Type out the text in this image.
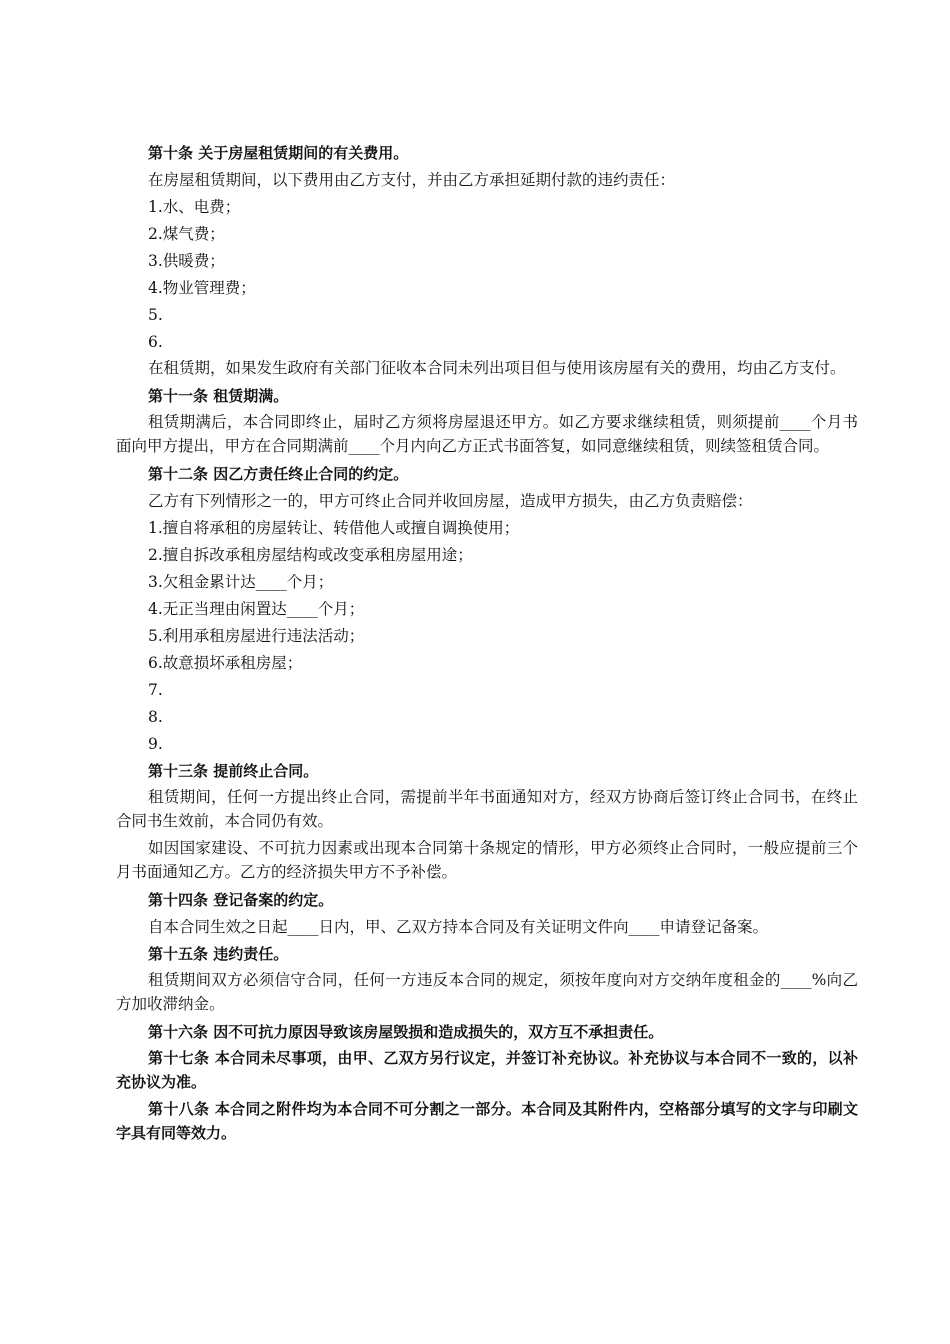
第十条 关于房屋租赁期间的有关费用。
在房屋租赁期间，以下费用由乙方支付，并由乙方承担延期付款的违约责任：
1.水、电费；
2.煤气费；
3.供暖费；
4.物业管理费；
5.
6.
在租赁期，如果发生政府有关部门征收本合同未列出项目但与使用该房屋有关的费用，均由乙方支付。
第十一条 租赁期满。
租赁期满后，本合同即终止，届时乙方须将房屋退还甲方。如乙方要求继续租赁，则须提前____个月书面向甲方提出，甲方在合同期满前____个月内向乙方正式书面答复，如同意继续租赁，则续签租赁合同。
第十二条 因乙方责任终止合同的约定。
乙方有下列情形之一的，甲方可终止合同并收回房屋，造成甲方损失，由乙方负责赔偿：
1.擅自将承租的房屋转让、转借他人或擅自调换使用；
2.擅自拆改承租房屋结构或改变承租房屋用途；
3.欠租金累计达____个月；
4.无正当理由闲置达____个月；
5.利用承租房屋进行违法活动；
6.故意损坏承租房屋；
7.
8.
9.
第十三条 提前终止合同。
租赁期间，任何一方提出终止合同，需提前半年书面通知对方，经双方协商后签订终止合同书，在终止合同书生效前，本合同仍有效。
如因国家建设、不可抗力因素或出现本合同第十条规定的情形，甲方必须终止合同时，一般应提前三个月书面通知乙方。乙方的经济损失甲方不予补偿。
第十四条 登记备案的约定。
自本合同生效之日起____日内，甲、乙双方持本合同及有关证明文件向____申请登记备案。
第十五条 违约责任。
租赁期间双方必须信守合同，任何一方违反本合同的规定，须按年度向对方交纳年度租金的____%向乙方加收滞纳金。
第十六条 因不可抗力原因导致该房屋毁损和造成损失的，双方互不承担责任。
第十七条 本合同未尽事项，由甲、乙双方另行议定，并签订补充协议。补充协议与本合同不一致的，以补充协议为准。
第十八条 本合同之附件均为本合同不可分割之一部分。本合同及其附件内，空格部分填写的文字与印刷文字具有同等效力。
